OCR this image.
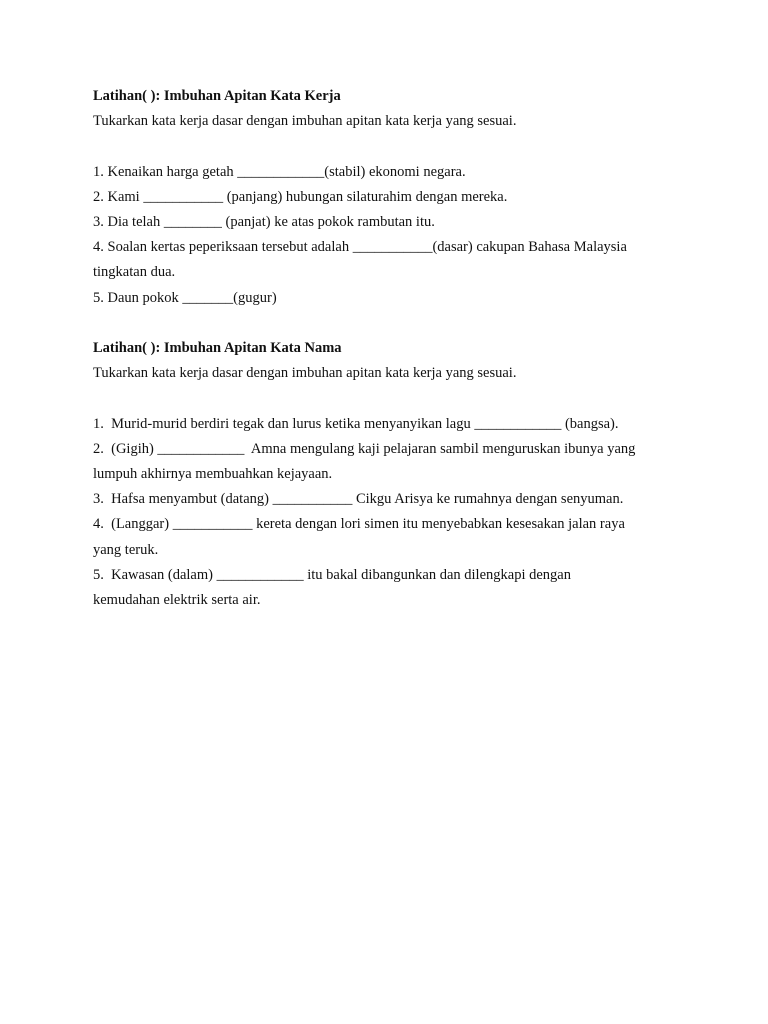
Latihan( ): Imbuhan Apitan Kata Kerja

Tukarkan kata kerja dasar dengan imbuhan apitan kata kerja yang sesuai.

1. Kenaikan harga getah ____________(stabil) ekonomi negara.

2. Kami ___________ (panjang) hubungan silaturahim dengan mereka.

3. Dia telah ________ (panjat) ke atas pokok rambutan itu.

4. Soalan kertas peperiksaan tersebut adalah ___________(dasar) cakupan Bahasa Malaysia

tingkatan dua.

5. Daun pokok _______(gugur)

Latihan( ): Imbuhan Apitan Kata Nama

Tukarkan kata kerja dasar dengan imbuhan apitan kata kerja yang sesuai.

1.  Murid-murid berdiri tegak dan lurus ketika menyanyikan lagu ____________ (bangsa).

2.  (Gigih) ____________  Amna mengulang kaji pelajaran sambil menguruskan ibunya yang

lumpuh akhirnya membuahkan kejayaan.

3.  Hafsa menyambut (datang) ___________ Cikgu Arisya ke rumahnya dengan senyuman.

4.  (Langgar) ___________ kereta dengan lori simen itu menyebabkan kesesakan jalan raya

yang teruk.

5.  Kawasan (dalam) ____________ itu bakal dibangunkan dan dilengkapi dengan

kemudahan elektrik serta air.
